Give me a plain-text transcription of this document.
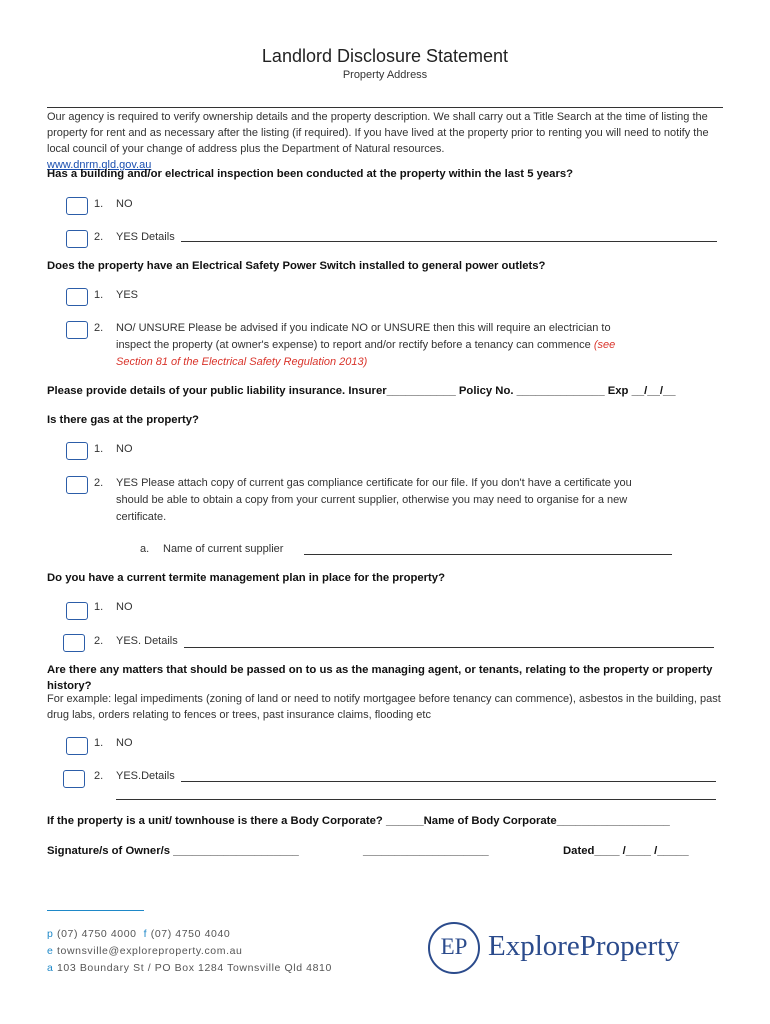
Landlord Disclosure Statement
Property Address
Our agency is required to verify ownership details and the property description. We shall carry out a Title Search at the time of listing the property for rent and as necessary after the listing (if required). If you have lived at the property prior to renting you will need to notify the local council of your change of address plus the Department of Natural resources.
www.dnrm.qld.gov.au
Has a building and/or electrical inspection been conducted at the property within the last 5 years?
1. NO
2. YES Details
Does the property have an Electrical Safety Power Switch installed to general power outlets?
1. YES
2. NO/ UNSURE Please be advised if you indicate NO or UNSURE then this will require an electrician to
inspect the property (at owner's expense) to report and/or rectify before a tenancy can commence (see
Section 81 of the Electrical Safety Regulation 2013)
Please provide details of your public liability insurance. Insurer___________ Policy No. ______________ Exp __/__/__
Is there gas at the property?
1. NO
2. YES Please attach copy of current gas compliance certificate for our file. If you don't have a certificate you
should be able to obtain a copy from your current supplier, otherwise you may need to organise for a new
certificate.
a. Name of current supplier
Do you have a current termite management plan in place for the property?
1. NO
2. YES. Details
Are there any matters that should be passed on to us as the managing agent, or tenants, relating to the property or property history?
For example: legal impediments (zoning of land or need to notify mortgagee before tenancy can commence), asbestos in the building, past drug labs, orders relating to fences or trees, past insurance claims, flooding etc
1. NO
2. YES.Details
If the property is a unit/ townhouse is there a Body Corporate? ______Name of Body Corporate__________________
Signature/s of Owner/s ____________________	____________________	Dated____ /____ /_____
p (07) 4750 4000 f (07) 4750 4040
e townsville@exploreproperty.com.au
a 103 Boundary St / PO Box 1284 Townsville Qld 4810
EP ExploreProperty
